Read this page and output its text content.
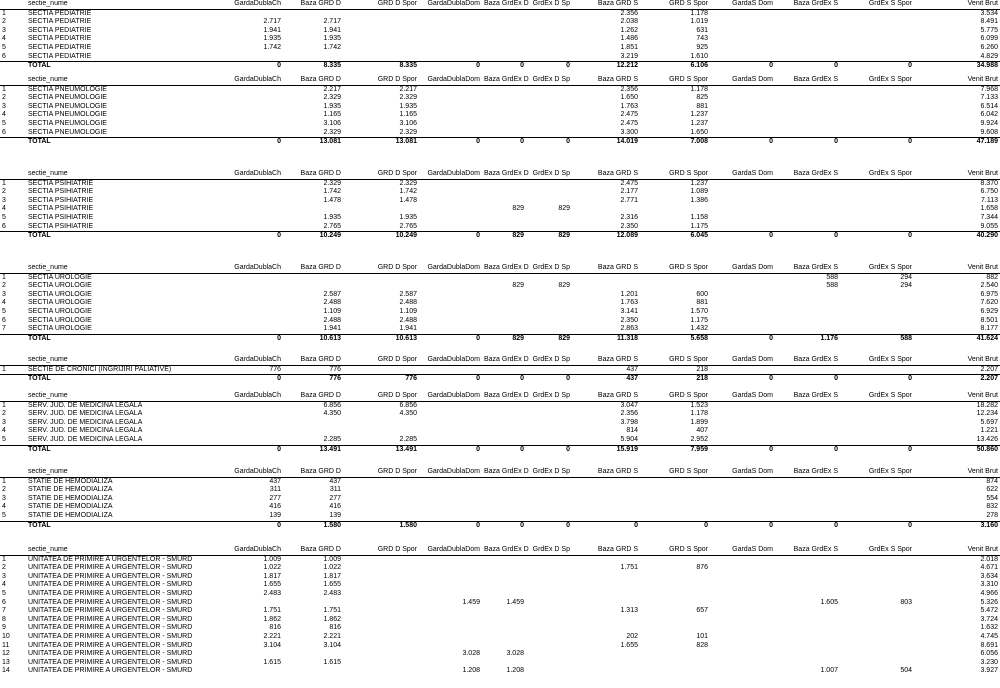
	sectie_nume	GardaDublaCh	Baza GRD D	GRD D Spor	GardaDublaDom	Baza GrdEx D	GrdEx D Sp	Baza GRD S	GRD S Spor	GardaS Dom	Baza GrdEx S	GrdEx S Spor	Venit Brut
1	SECTIA PEDIATRIE							2.356	1.178				3.534
2	SECTIA PEDIATRIE	2.717	2.717					2.038	1.019				8.491
3	SECTIA PEDIATRIE	1.941	1.941					1.262	631				5.775
4	SECTIA PEDIATRIE	1.935	1.935					1.486	743				6.099
5	SECTIA PEDIATRIE	1.742	1.742					1.851	925				6.260
6	SECTIA PEDIATRIE							3.219	1.610				4.829
	TOTAL	0	8.335	8.335	0	0	0	12.212	6.106	0	0	0	34.988
	sectie_nume	GardaDublaCh	Baza GRD D	GRD D Spor	GardaDublaDom	Baza GrdEx D	GrdEx D Sp	Baza GRD S	GRD S Spor	GardaS Dom	Baza GrdEx S	GrdEx S Spor	Venit Brut
1	SECTIA PNEUMOLOGIE		2.217	2.217				2.356	1.178				7.968
2	SECTIA PNEUMOLOGIE		2.329	2.329				1.650	825				7.133
3	SECTIA PNEUMOLOGIE		1.935	1.935				1.763	881				6.514
4	SECTIA PNEUMOLOGIE		1.165	1.165				2.475	1.237				6.042
5	SECTIA PNEUMOLOGIE		3.106	3.106				2.475	1.237				9.924
6	SECTIA PNEUMOLOGIE		2.329	2.329				3.300	1.650				9.608
	TOTAL	0	13.081	13.081	0	0	0	14.019	7.008	0	0	0	47.189
	sectie_nume	GardaDublaCh	Baza GRD D	GRD D Spor	GardaDublaDom	Baza GrdEx D	GrdEx D Sp	Baza GRD S	GRD S Spor	GardaS Dom	Baza GrdEx S	GrdEx S Spor	Venit Brut
1	SECTIA PSIHIATRIE		2.329	2.329				2.475	1.237				8.370
2	SECTIA PSIHIATRIE		1.742	1.742				2.177	1.089				6.750
3	SECTIA PSIHIATRIE		1.478	1.478				2.771	1.386				7.113
4	SECTIA PSIHIATRIE					829	829						1.658
5	SECTIA PSIHIATRIE		1.935	1.935				2.316	1.158				7.344
6	SECTIA PSIHIATRIE		2.765	2.765				2.350	1.175				9.055
	TOTAL	0	10.249	10.249	0	829	829	12.089	6.045	0	0	0	40.290
	sectie_nume	GardaDublaCh	Baza GRD D	GRD D Spor	GardaDublaDom	Baza GrdEx D	GrdEx D Sp	Baza GRD S	GRD S Spor	GardaS Dom	Baza GrdEx S	GrdEx S Spor	Venit Brut
1	SECTIA UROLOGIE										588	294	882
2	SECTIA UROLOGIE					829	829				588	294	2.540
3	SECTIA UROLOGIE		2.587	2.587				1.201	600				6.975
4	SECTIA UROLOGIE		2.488	2.488				1.763	881				7.620
5	SECTIA UROLOGIE		1.109	1.109				3.141	1.570				6.929
6	SECTIA UROLOGIE		2.488	2.488				2.350	1.175				8.501
7	SECTIA UROLOGIE		1.941	1.941				2.863	1.432				8.177
	TOTAL	0	10.613	10.613	0	829	829	11.318	5.658	0	1.176	588	41.624
	sectie_nume	GardaDublaCh	Baza GRD D	GRD D Spor	GardaDublaDom	Baza GrdEx D	GrdEx D Sp	Baza GRD S	GRD S Spor	GardaS Dom	Baza GrdEx S	GrdEx S Spor	Venit Brut
1	SECTIE DE CRONICI (INGRIJIRI PALIATIVE)	776	776					437	218				2.207
	TOTAL	0	776	776	0	0	0	437	218	0	0	0	2.207
	sectie_nume	GardaDublaCh	Baza GRD D	GRD D Spor	GardaDublaDom	Baza GrdEx D	GrdEx D Sp	Baza GRD S	GRD S Spor	GardaS Dom	Baza GrdEx S	GrdEx S Spor	Venit Brut
1	SERV. JUD. DE MEDICINA LEGALA		6.856	6.856				3.047	1.523				18.282
2	SERV. JUD. DE MEDICINA LEGALA		4.350	4.350				2.356	1.178				12.234
3	SERV. JUD. DE MEDICINA LEGALA							3.798	1.899				5.697
4	SERV. JUD. DE MEDICINA LEGALA							814	407				1.221
5	SERV. JUD. DE MEDICINA LEGALA		2.285	2.285				5.904	2.952				13.426
	TOTAL	0	13.491	13.491	0	0	0	15.919	7.959	0	0	0	50.860
	sectie_nume	GardaDublaCh	Baza GRD D	GRD D Spor	GardaDublaDom	Baza GrdEx D	GrdEx D Sp	Baza GRD S	GRD S Spor	GardaS Dom	Baza GrdEx S	GrdEx S Spor	Venit Brut
1	STATIE DE HEMODIALIZA	437	437										874
2	STATIE DE HEMODIALIZA	311	311										622
3	STATIE DE HEMODIALIZA	277	277										554
4	STATIE DE HEMODIALIZA	416	416										832
5	STATIE DE HEMODIALIZA	139	139										278
	TOTAL	0	1.580	1.580	0	0	0	0	0	0	0	0	3.160
	sectie_nume	GardaDublaCh	Baza GRD D	GRD D Spor	GardaDublaDom	Baza GrdEx D	GrdEx D Sp	Baza GRD S	GRD S Spor	GardaS Dom	Baza GrdEx S	GrdEx S Spor	Venit Brut
1	UNITATEA DE PRIMIRE A URGENTELOR - SMURD	1.009	1.009										2.018
2	UNITATEA DE PRIMIRE A URGENTELOR - SMURD	1.022	1.022					1.751	876				4.671
3	UNITATEA DE PRIMIRE A URGENTELOR - SMURD	1.817	1.817										3.634
4	UNITATEA DE PRIMIRE A URGENTELOR - SMURD	1.655	1.655										3.310
5	UNITATEA DE PRIMIRE A URGENTELOR - SMURD	2.483	2.483										4.966
6	UNITATEA DE PRIMIRE A URGENTELOR - SMURD				1.459	1.459					1.605	803	5.326
7	UNITATEA DE PRIMIRE A URGENTELOR - SMURD	1.751	1.751					1.313	657				5.472
8	UNITATEA DE PRIMIRE A URGENTELOR - SMURD	1.862	1.862										3.724
9	UNITATEA DE PRIMIRE A URGENTELOR - SMURD	816	816										1.632
10	UNITATEA DE PRIMIRE A URGENTELOR - SMURD	2.221	2.221					202	101				4.745
11	UNITATEA DE PRIMIRE A URGENTELOR - SMURD	3.104	3.104					1.655	828				8.691
12	UNITATEA DE PRIMIRE A URGENTELOR - SMURD				3.028	3.028							6.056
13	UNITATEA DE PRIMIRE A URGENTELOR - SMURD	1.615	1.615										3.230
14	UNITATEA DE PRIMIRE A URGENTELOR - SMURD				1.208	1.208					1.007	504	3.927
